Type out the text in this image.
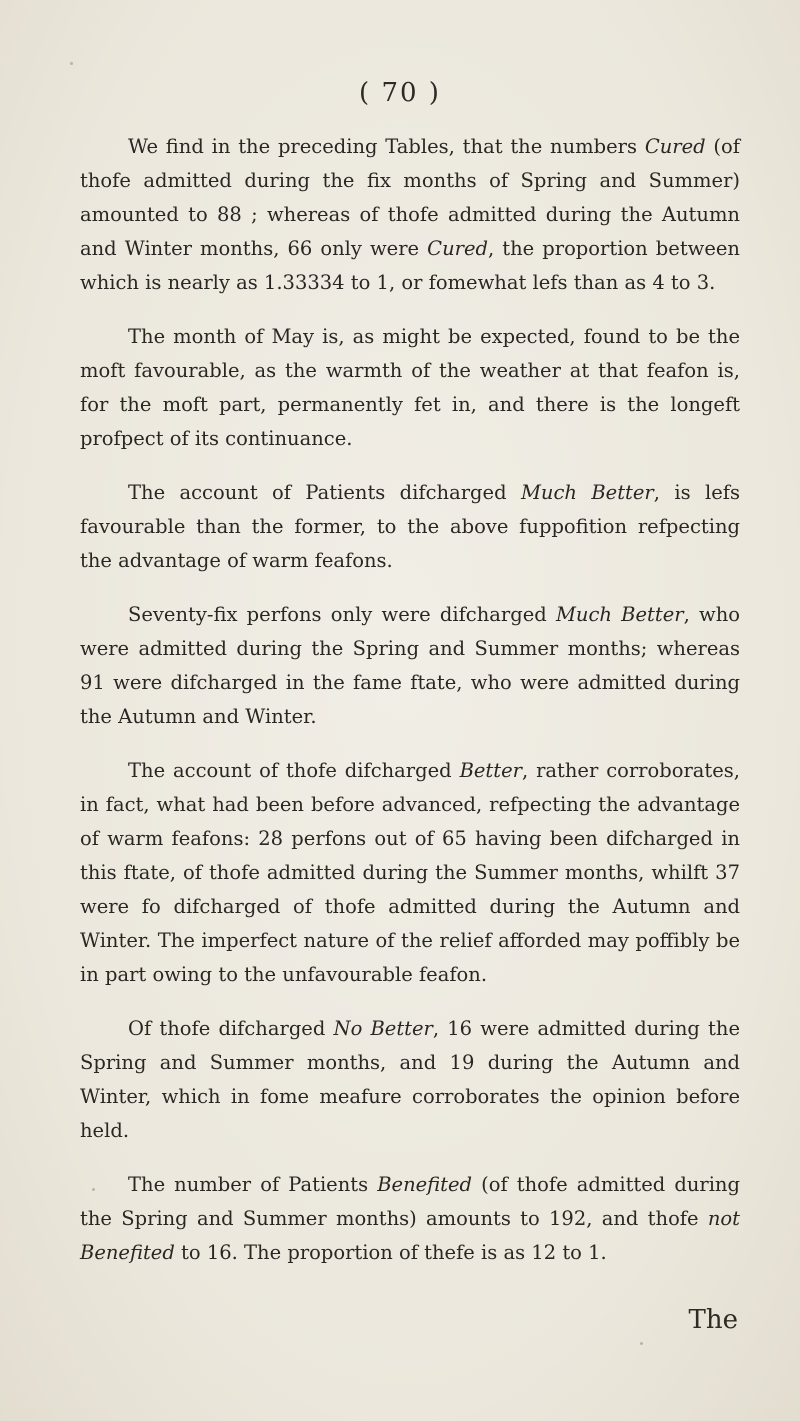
( 70 )

We find in the preceding Tables, that the numbers Cured (of thofe admitted during the fix months of Spring and Summer) amounted to 88 ; whereas of thofe admitted during the Autumn and Winter months, 66 only were Cured, the proportion between which is nearly as 1.33334 to 1, or fomewhat lefs than as 4 to 3.

The month of May is, as might be expected, found to be the moft favourable, as the warmth of the weather at that feafon is, for the moft part, permanently fet in, and there is the longeft profpect of its continuance.

The account of Patients difcharged Much Better, is lefs favourable than the former, to the above fuppofition refpecting the advantage of warm feafons.

Seventy-fix perfons only were difcharged Much Better, who were admitted during the Spring and Summer months; whereas 91 were difcharged in the fame ftate, who were admitted during the Autumn and Winter.

The account of thofe difcharged Better, rather corroborates, in fact, what had been before advanced, refpecting the advantage of warm feafons: 28 perfons out of 65 having been difcharged in this ftate, of thofe admitted during the Summer months, whilft 37 were fo difcharged of thofe admitted during the Autumn and Winter. The imperfect nature of the relief afforded may poffibly be in part owing to the unfavourable feafon.

Of thofe difcharged No Better, 16 were admitted during the Spring and Summer months, and 19 during the Autumn and Winter, which in fome meafure corroborates the opinion before held.

The number of Patients Benefited (of thofe admitted during the Spring and Summer months) amounts to 192, and thofe not Benefited to 16. The proportion of thefe is as 12 to 1.

The
